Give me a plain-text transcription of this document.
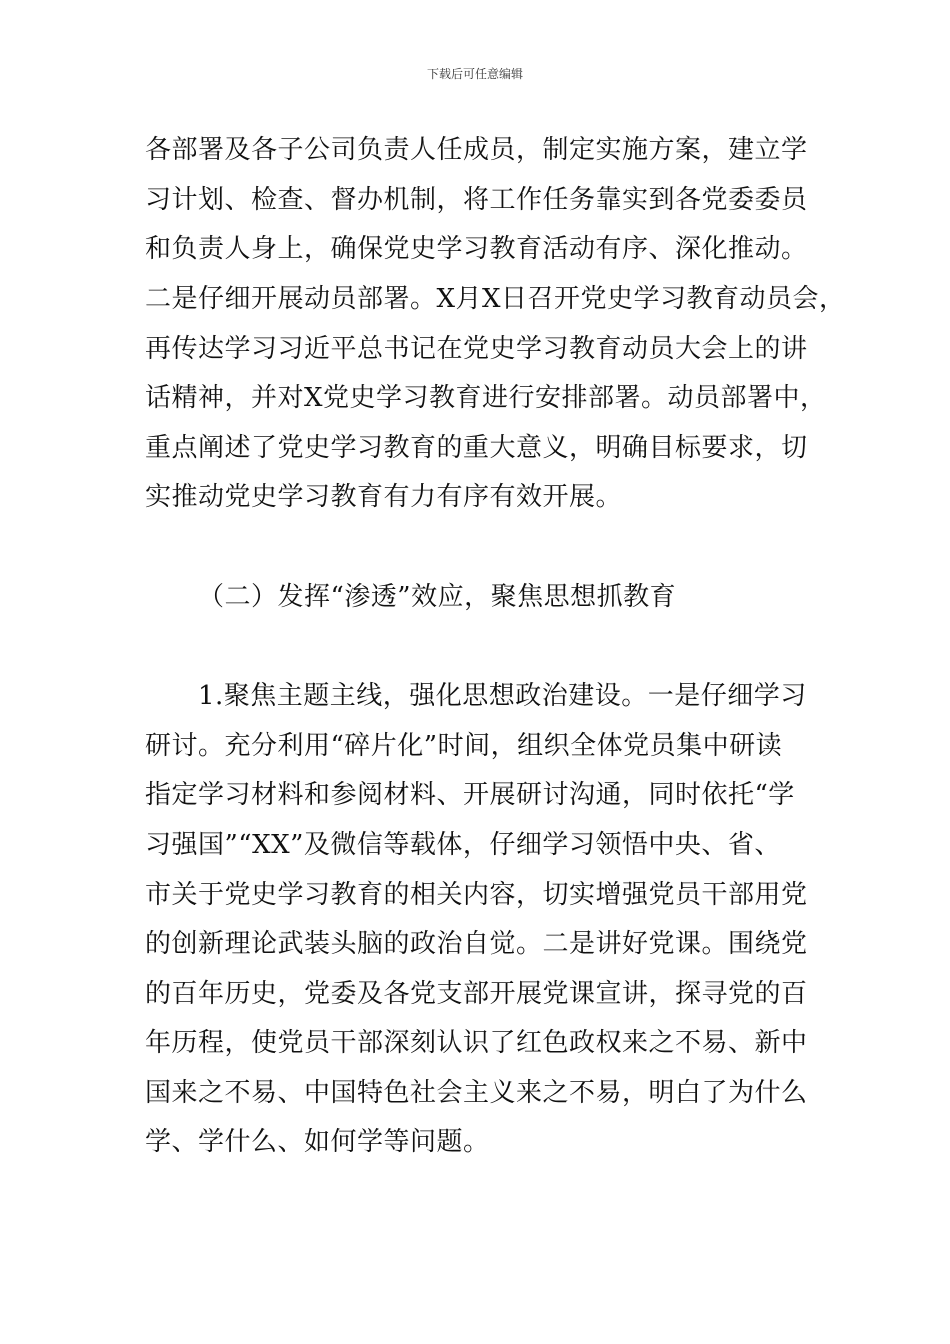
下载后可任意编辑
各部署及各子公司负责人任成员，制定实施方案，建立学
习计划、检查、督办机制，将工作任务靠实到各党委委员
和负责人身上，确保党史学习教育活动有序、深化推动。
二是仔细开展动员部署。X月X日召开党史学习教育动员会，
再传达学习习近平总书记在党史学习教育动员大会上的讲
话精神，并对X党史学习教育进行安排部署。动员部署中，
重点阐述了党史学习教育的重大意义，明确目标要求，切
实推动党史学习教育有力有序有效开展。
（二）发挥“渗透”效应，聚焦思想抓教育
1.聚焦主题主线，强化思想政治建设。一是仔细学习
研讨。充分利用“碎片化”时间，组织全体党员集中研读
指定学习材料和参阅材料、开展研讨沟通，同时依托“学
习强国”“XX”及微信等载体，仔细学习领悟中央、省、
市关于党史学习教育的相关内容，切实增强党员干部用党
的创新理论武装头脑的政治自觉。二是讲好党课。围绕党
的百年历史，党委及各党支部开展党课宣讲，探寻党的百
年历程，使党员干部深刻认识了红色政权来之不易、新中
国来之不易、中国特色社会主义来之不易，明白了为什么
学、学什么、如何学等问题。
